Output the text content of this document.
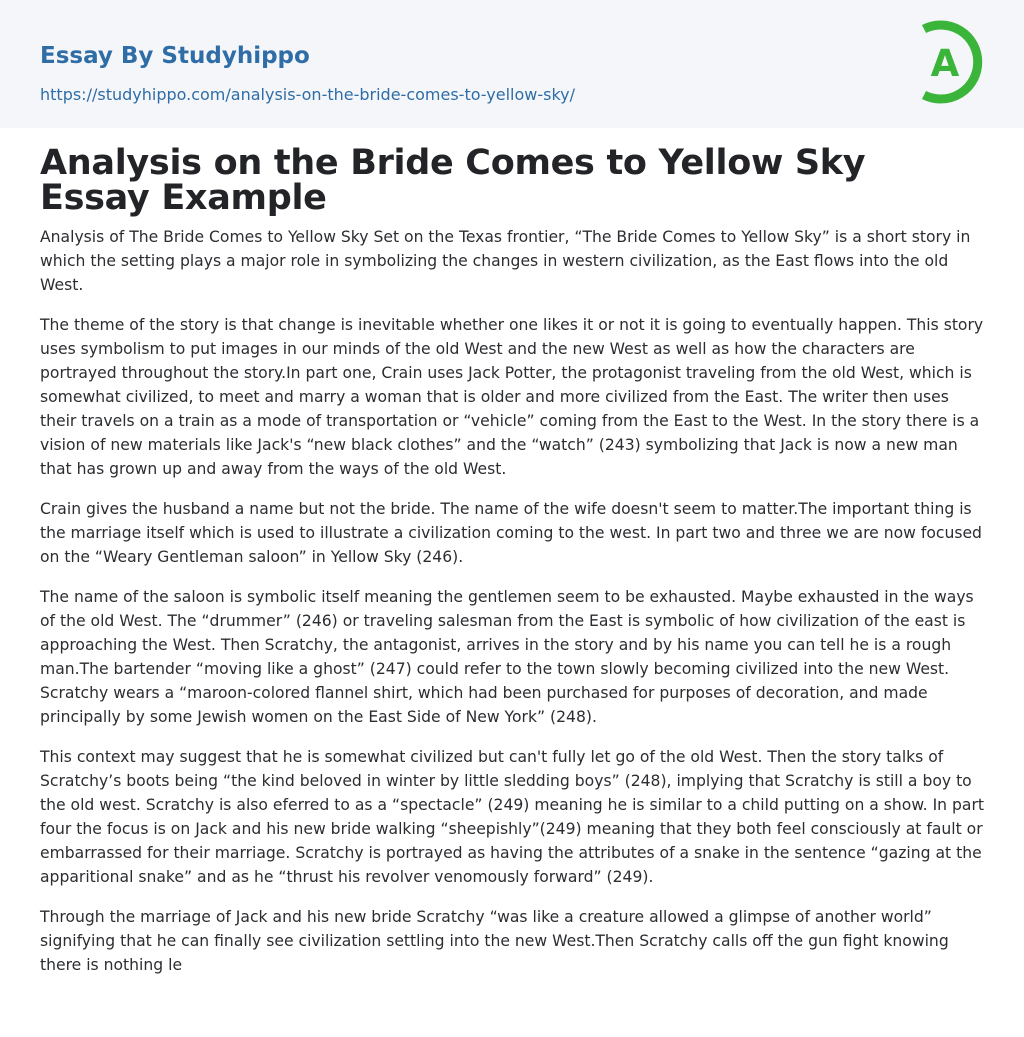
Essay By Studyhippo
https://studyhippo.com/analysis-on-the-bride-comes-to-yellow-sky/
A
Analysis on the Bride Comes to Yellow Sky Essay Example

Analysis of The Bride Comes to Yellow Sky Set on the Texas frontier, “The Bride Comes to Yellow Sky” is a short story in which the setting plays a major role in symbolizing the changes in western civilization, as the East flows into the old West.

The theme of the story is that change is inevitable whether one likes it or not it is going to eventually happen. This story uses symbolism to put images in our minds of the old West and the new West as well as how the characters are portrayed throughout the story.In part one, Crain uses Jack Potter, the protagonist traveling from the old West, which is somewhat civilized, to meet and marry a woman that is older and more civilized from the East. The writer then uses their travels on a train as a mode of transportation or “vehicle” coming from the East to the West. In the story there is a vision of new materials like Jack's “new black clothes” and the “watch” (243) symbolizing that Jack is now a new man that has grown up and away from the ways of the old West.

Crain gives the husband a name but not the bride. The name of the wife doesn't seem to matter.The important thing is the marriage itself which is used to illustrate a civilization coming to the west. In part two and three we are now focused on the “Weary Gentleman saloon” in Yellow Sky (246).

The name of the saloon is symbolic itself meaning the gentlemen seem to be exhausted. Maybe exhausted in the ways of the old West. The “drummer” (246) or traveling salesman from the East is symbolic of how civilization of the east is approaching the West. Then Scratchy, the antagonist, arrives in the story and by his name you can tell he is a rough man.The bartender “moving like a ghost” (247) could refer to the town slowly becoming civilized into the new West. Scratchy wears a “maroon-colored flannel shirt, which had been purchased for purposes of decoration, and made principally by some Jewish women on the East Side of New York” (248).

This context may suggest that he is somewhat civilized but can't fully let go of the old West. Then the story talks of Scratchy’s boots being “the kind beloved in winter by little sledding boys” (248), implying that Scratchy is still a boy to the old west. Scratchy is also eferred to as a “spectacle” (249) meaning he is similar to a child putting on a show. In part four the focus is on Jack and his new bride walking “sheepishly”(249) meaning that they both feel consciously at fault or embarrassed for their marriage. Scratchy is portrayed as having the attributes of a snake in the sentence “gazing at the apparitional snake” and as he “thrust his revolver venomously forward” (249).

Through the marriage of Jack and his new bride Scratchy “was like a creature allowed a glimpse of another world” signifying that he can finally see civilization settling into the new West.Then Scratchy calls off the gun fight knowing there is nothing le
